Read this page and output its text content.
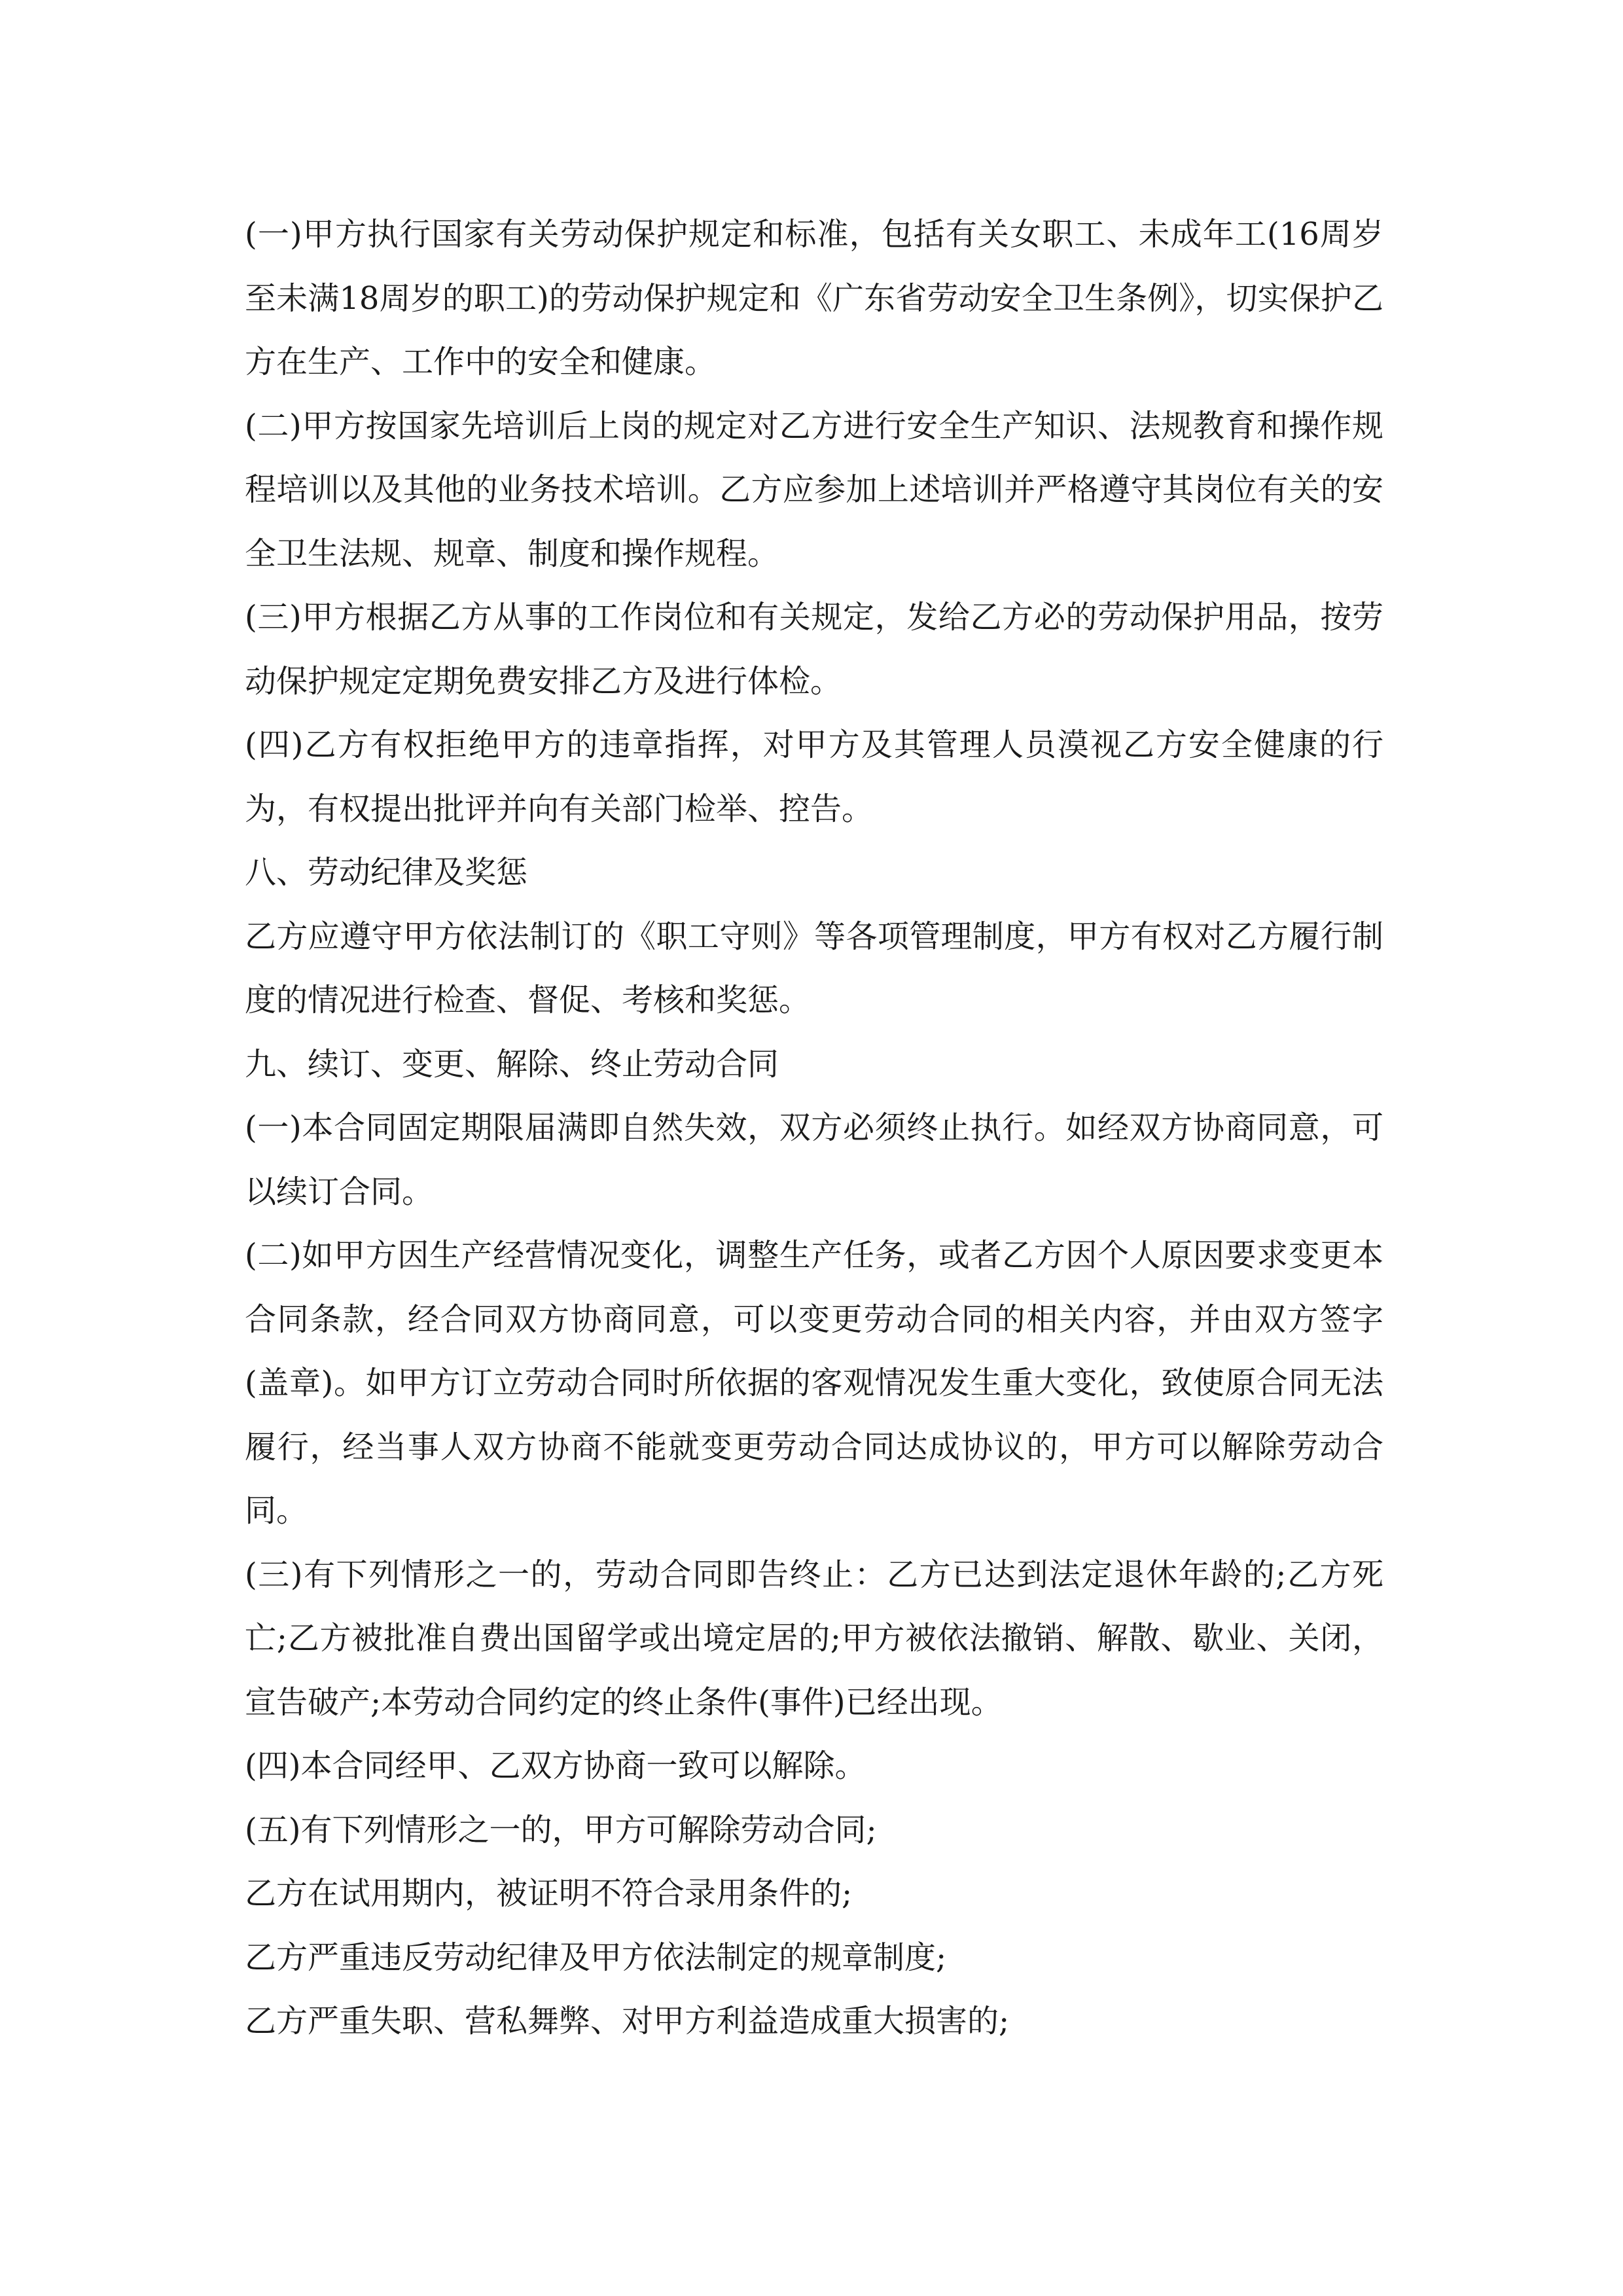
(一)甲方执行国家有关劳动保护规定和标准，包括有关女职工、未成年工(16周岁至未满18周岁的职工)的劳动保护规定和《广东省劳动安全卫生条例》，切实保护乙方在生产、工作中的安全和健康。

(二)甲方按国家先培训后上岗的规定对乙方进行安全生产知识、法规教育和操作规程培训以及其他的业务技术培训。乙方应参加上述培训并严格遵守其岗位有关的安全卫生法规、规章、制度和操作规程。

(三)甲方根据乙方从事的工作岗位和有关规定，发给乙方必的劳动保护用品，按劳动保护规定定期免费安排乙方及进行体检。

(四)乙方有权拒绝甲方的违章指挥，对甲方及其管理人员漠视乙方安全健康的行为，有权提出批评并向有关部门检举、控告。

八、劳动纪律及奖惩

乙方应遵守甲方依法制订的《职工守则》等各项管理制度，甲方有权对乙方履行制度的情况进行检查、督促、考核和奖惩。

九、续订、变更、解除、终止劳动合同

(一)本合同固定期限届满即自然失效，双方必须终止执行。如经双方协商同意，可以续订合同。

(二)如甲方因生产经营情况变化，调整生产任务，或者乙方因个人原因要求变更本合同条款，经合同双方协商同意，可以变更劳动合同的相关内容，并由双方签字(盖章)。如甲方订立劳动合同时所依据的客观情况发生重大变化，致使原合同无法履行，经当事人双方协商不能就变更劳动合同达成协议的，甲方可以解除劳动合同。

(三)有下列情形之一的，劳动合同即告终止：乙方已达到法定退休年龄的;乙方死亡;乙方被批准自费出国留学或出境定居的;甲方被依法撤销、解散、歇业、关闭，宣告破产;本劳动合同约定的终止条件(事件)已经出现。

(四)本合同经甲、乙双方协商一致可以解除。

(五)有下列情形之一的，甲方可解除劳动合同;

乙方在试用期内，被证明不符合录用条件的;

乙方严重违反劳动纪律及甲方依法制定的规章制度;

乙方严重失职、营私舞弊、对甲方利益造成重大损害的;
